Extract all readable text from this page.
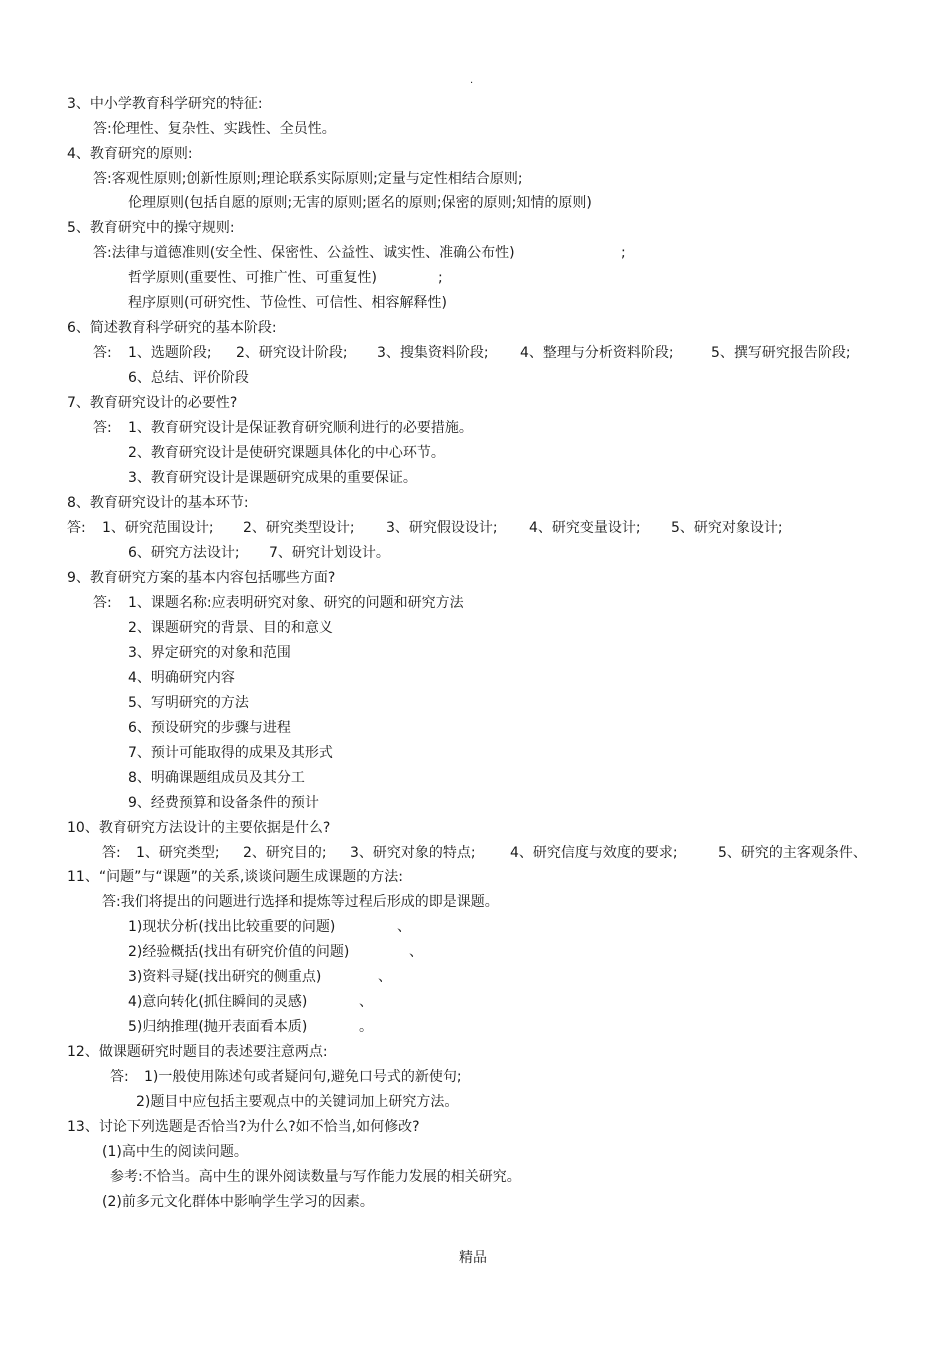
.
3、中小学教育科学研究的特征:
答:伦理性、复杂性、实践性、全员性。
4、教育研究的原则:
答:客观性原则;创新性原则;理论联系实际原则;定量与定性相结合原则;
伦理原则(包括自愿的原则;无害的原则;匿名的原则;保密的原则;知情的原则)
5、教育研究中的操守规则:
答:法律与道德准则(安全性、保密性、公益性、诚实性、准确公布性)	;
哲学原则(重要性、可推广性、可重复性)	;
程序原则(可研究性、节俭性、可信性、相容解释性)
6、简述教育科学研究的基本阶段:
答: 1、选题阶段; 2、研究设计阶段; 3、搜集资料阶段; 4、整理与分析资料阶段;	5、撰写研究报告阶段;
6、总结、评价阶段
7、教育研究设计的必要性?
答: 1、教育研究设计是保证教育研究顺利进行的必要措施。
2、教育研究设计是使研究课题具体化的中心环节。
3、教育研究设计是课题研究成果的重要保证。
8、教育研究设计的基本环节:
答: 1、研究范围设计; 2、研究类型设计; 3、研究假设设计; 4、研究变量设计; 5、研究对象设计;
6、研究方法设计; 7、研究计划设计。
9、教育研究方案的基本内容包括哪些方面?
答: 1、课题名称:应表明研究对象、研究的问题和研究方法
2、课题研究的背景、目的和意义
3、界定研究的对象和范围
4、明确研究内容
5、写明研究的方法
6、预设研究的步骤与进程
7、预计可能取得的成果及其形式
8、明确课题组成员及其分工
9、经费预算和设备条件的预计
10、教育研究方法设计的主要依据是什么?
答: 1、研究类型; 2、研究目的; 3、研究对象的特点; 4、研究信度与效度的要求;	5、研究的主客观条件、
11、“问题”与“课题”的关系,谈谈问题生成课题的方法:
答:我们将提出的问题进行选择和提炼等过程后形成的即是课题。
1)现状分析(找出比较重要的问题)	、
2)经验概括(找出有研究价值的问题)	、
3)资料寻疑(找出研究的侧重点)	、
4)意向转化(抓住瞬间的灵感)	、
5)归纳推理(抛开表面看本质)	。
12、做课题研究时题目的表述要注意两点:
答: 1)一般使用陈述句或者疑问句,避免口号式的新使句;
2)题目中应包括主要观点中的关键词加上研究方法。
13、讨论下列选题是否恰当?为什么?如不恰当,如何修改?
(1)高中生的阅读问题。
参考:不恰当。高中生的课外阅读数量与写作能力发展的相关研究。
(2)前多元文化群体中影响学生学习的因素。
精品
